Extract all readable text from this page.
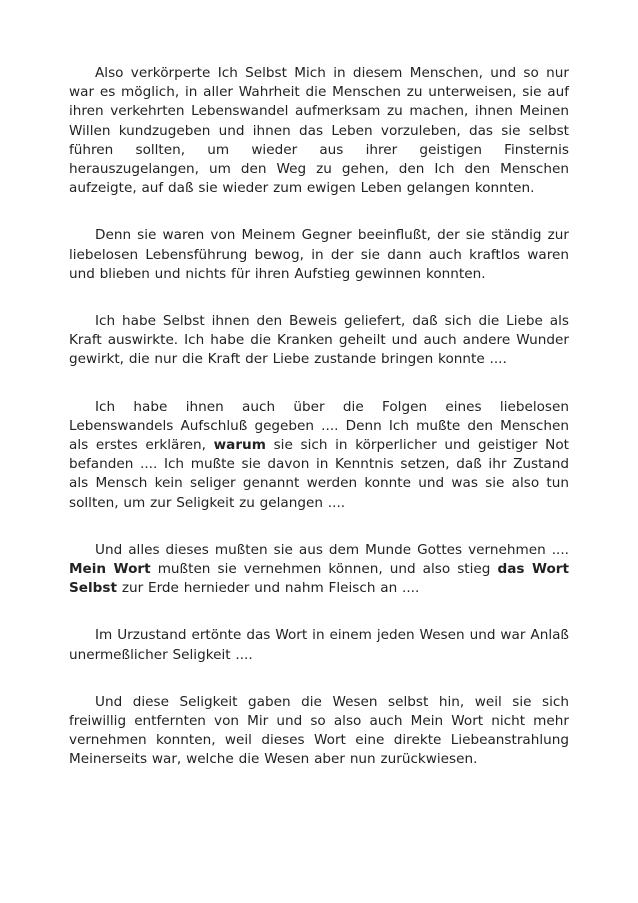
Also verkörperte Ich Selbst Mich in diesem Menschen, und so nur war es möglich, in aller Wahrheit die Menschen zu unterweisen, sie auf ihren verkehrten Lebenswandel aufmerksam zu machen, ihnen Meinen Willen kundzugeben und ihnen das Leben vorzuleben, das sie selbst führen sollten, um wieder aus ihrer geistigen Finsternis herauszugelangen, um den Weg zu gehen, den Ich den Menschen aufzeigte, auf daß sie wieder zum ewigen Leben gelangen konnten.

Denn sie waren von Meinem Gegner beeinflußt, der sie ständig zur liebelosen Lebensführung bewog, in der sie dann auch kraftlos waren und blieben und nichts für ihren Aufstieg gewinnen konnten.

Ich habe Selbst ihnen den Beweis geliefert, daß sich die Liebe als Kraft auswirkte. Ich habe die Kranken geheilt und auch andere Wunder gewirkt, die nur die Kraft der Liebe zustande bringen konnte ....

Ich habe ihnen auch über die Folgen eines liebelosen Lebenswandels Aufschluß gegeben .... Denn Ich mußte den Menschen als erstes erklären, warum sie sich in körperlicher und geistiger Not befanden .... Ich mußte sie davon in Kenntnis setzen, daß ihr Zustand als Mensch kein seliger genannt werden konnte und was sie also tun sollten, um zur Seligkeit zu gelangen ....

Und alles dieses mußten sie aus dem Munde Gottes vernehmen .... Mein Wort mußten sie vernehmen können, und also stieg das Wort Selbst zur Erde hernieder und nahm Fleisch an ....

Im Urzustand ertönte das Wort in einem jeden Wesen und war Anlaß unermeßlicher Seligkeit ....

Und diese Seligkeit gaben die Wesen selbst hin, weil sie sich freiwillig entfernten von Mir und so also auch Mein Wort nicht mehr vernehmen konnten, weil dieses Wort eine direkte Liebeanstrahlung Meinerseits war, welche die Wesen aber nun zurückwiesen.
